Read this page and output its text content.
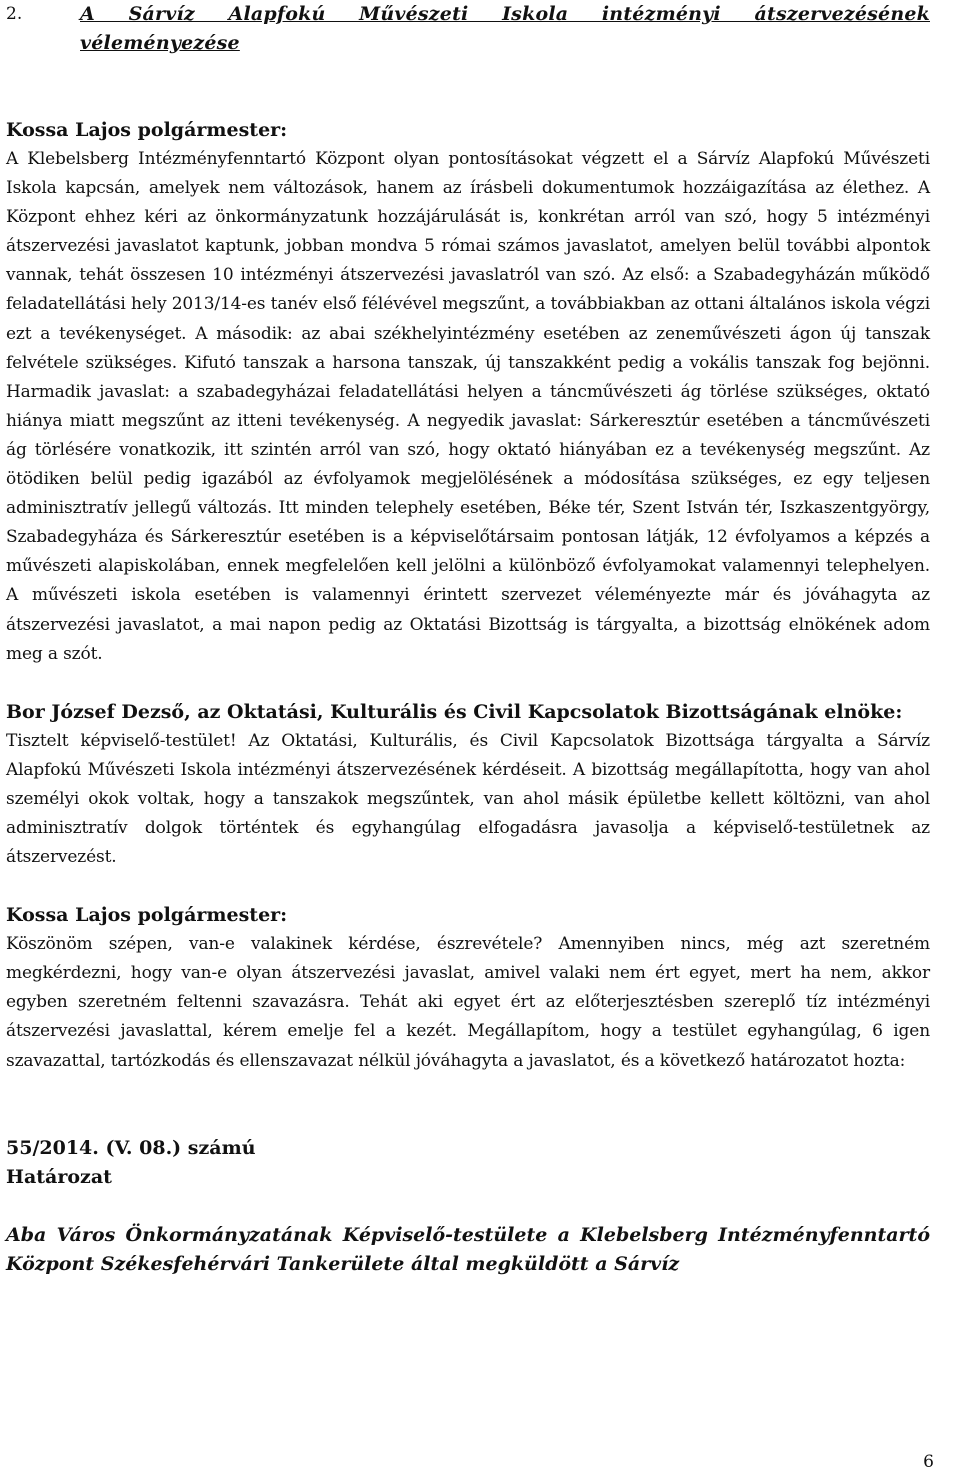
2.	A Sárvíz Alapfokú Művészeti Iskola intézményi átszervezésének véleményezése

Kossa Lajos polgármester:

A Klebelsberg Intézményfenntartó Központ olyan pontosításokat végzett el a Sárvíz Alapfokú Művészeti Iskola kapcsán, amelyek nem változások, hanem az írásbeli dokumentumok hozzáigazítása az élethez. A Központ ehhez kéri az önkormányzatunk hozzájárulását is, konkrétan arról van szó, hogy 5 intézményi átszervezési javaslatot kaptunk, jobban mondva 5 római számos javaslatot, amelyen belül további alpontok vannak, tehát összesen 10 intézményi átszervezési javaslatról van szó. Az első: a Szabadegyházán működő feladatellátási hely 2013/14-es tanév első félévével megszűnt, a továbbiakban az ottani általános iskola végzi ezt a tevékenységet. A második: az abai székhelyintézmény esetében az zeneművészeti ágon új tanszak felvétele szükséges. Kifutó tanszak a harsona tanszak, új tanszakként pedig a vokális tanszak fog bejönni. Harmadik javaslat: a szabadegyházai feladatellátási helyen a táncművészeti ág törlése szükséges, oktató hiánya miatt megszűnt az itteni tevékenység. A negyedik javaslat: Sárkeresztúr esetében a táncművészeti ág törlésére vonatkozik, itt szintén arról van szó, hogy oktató hiányában ez a tevékenység megszűnt. Az ötödiken belül pedig igazából az évfolyamok megjelölésének a módosítása szükséges, ez egy teljesen adminisztratív jellegű változás. Itt minden telephely esetében, Béke tér, Szent István tér, Iszkaszentgyörgy, Szabadegyháza és Sárkeresztúr esetében is a képviselőtársaim pontosan látják, 12 évfolyamos a képzés a művészeti alapiskolában, ennek megfelelően kell jelölni a különböző évfolyamokat valamennyi telephelyen. A művészeti iskola esetében is valamennyi érintett szervezet véleményezte már és jóváhagyta az átszervezési javaslatot, a mai napon pedig az Oktatási Bizottság is tárgyalta, a bizottság elnökének adom meg a szót.

Bor József Dezső, az Oktatási, Kulturális és Civil Kapcsolatok Bizottságának elnöke:

Tisztelt képviselő-testület! Az Oktatási, Kulturális, és Civil Kapcsolatok Bizottsága tárgyalta a Sárvíz Alapfokú Művészeti Iskola intézményi átszervezésének kérdéseit. A bizottság megállapította, hogy van ahol személyi okok voltak, hogy a tanszakok megszűntek, van ahol másik épületbe kellett költözni, van ahol adminisztratív dolgok történtek és egyhangúlag elfogadásra javasolja a képviselő-testületnek az átszervezést.

Kossa Lajos polgármester:

Köszönöm szépen, van-e valakinek kérdése, észrevétele? Amennyiben nincs, még azt szeretném megkérdezni, hogy van-e olyan átszervezési javaslat, amivel valaki nem ért egyet, mert ha nem, akkor egyben szeretném feltenni szavazásra. Tehát aki egyet ért az előterjesztésben szereplő tíz intézményi átszervezési javaslattal, kérem emelje fel a kezét. Megállapítom, hogy a testület egyhangúlag, 6 igen szavazattal, tartózkodás és ellenszavazat nélkül jóváhagyta a javaslatot, és a következő határozatot hozta:

55/2014. (V. 08.) számú

Határozat

Aba Város Önkormányzatának Képviselő-testülete a Klebelsberg Intézményfenntartó Központ Székesfehérvári Tankerülete által megküldött a Sárvíz

6
